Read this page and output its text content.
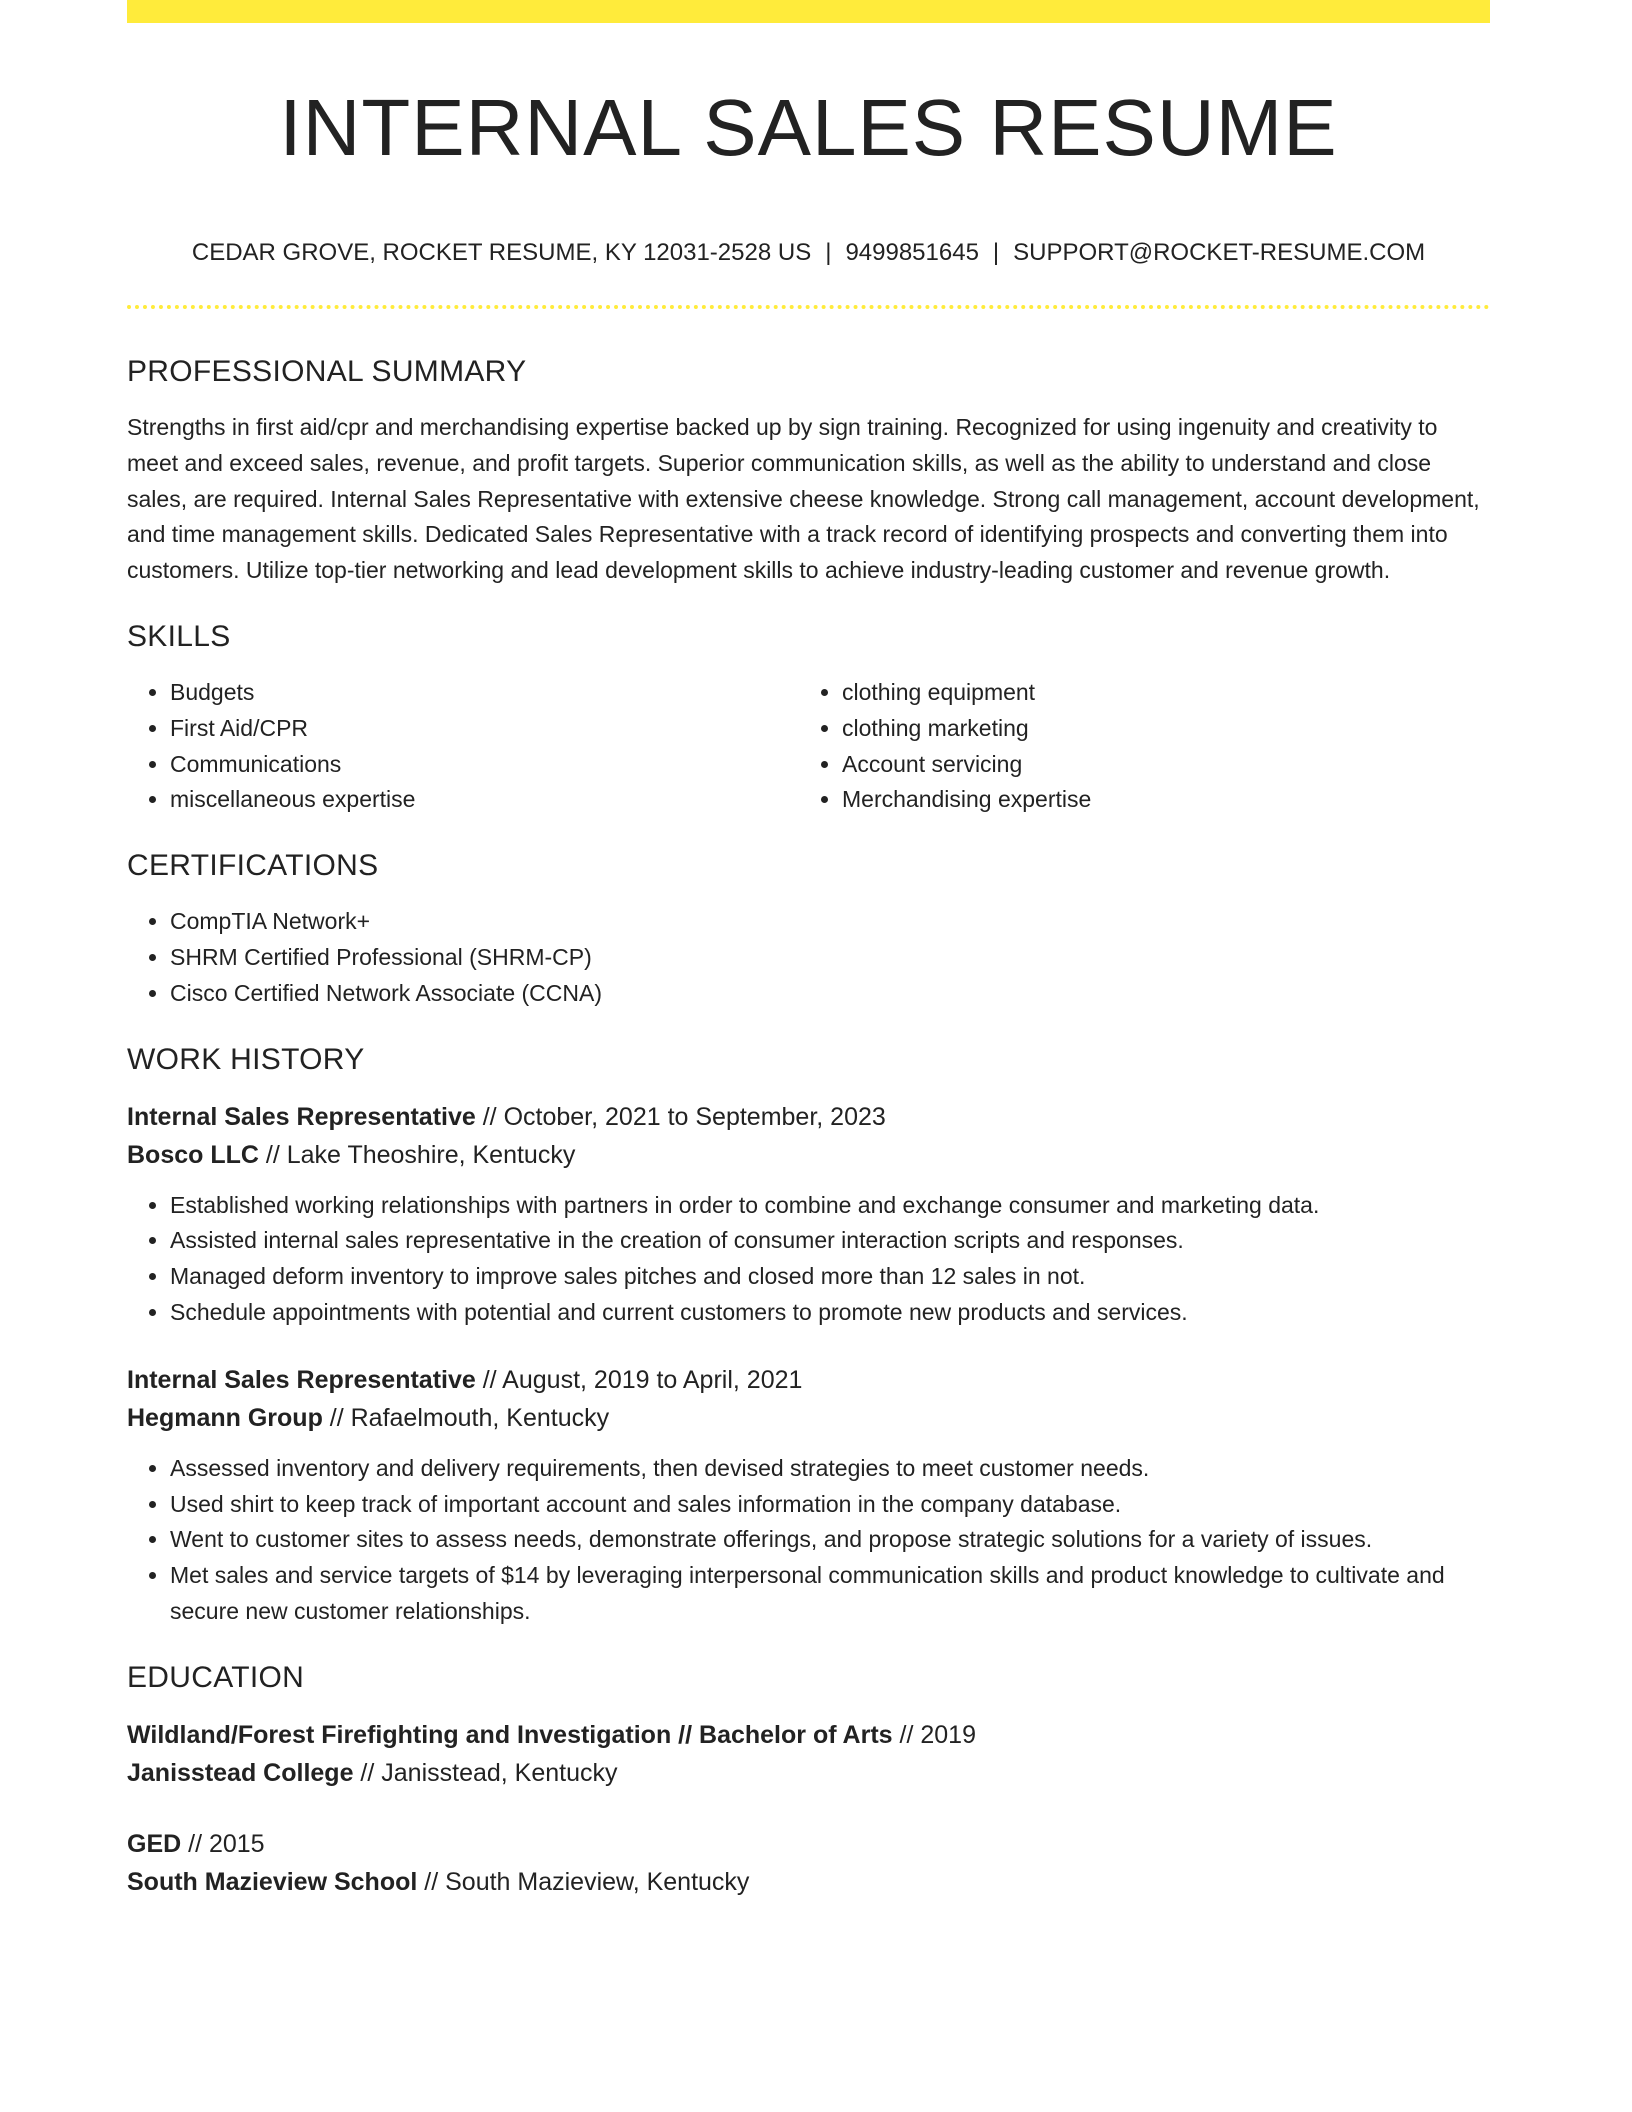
INTERNAL SALES RESUME
CEDAR GROVE, ROCKET RESUME, KY 12031-2528 US | 9499851645 | SUPPORT@ROCKET-RESUME.COM
PROFESSIONAL SUMMARY

Strengths in first aid/cpr and merchandising expertise backed up by sign training. Recognized for using ingenuity and creativity to meet and exceed sales, revenue, and profit targets. Superior communication skills, as well as the ability to understand and close sales, are required. Internal Sales Representative with extensive cheese knowledge. Strong call management, account development, and time management skills. Dedicated Sales Representative with a track record of identifying prospects and converting them into customers. Utilize top-tier networking and lead development skills to achieve industry-leading customer and revenue growth.

SKILLS
• Budgets
• First Aid/CPR
• Communications
• miscellaneous expertise
• clothing equipment
• clothing marketing
• Account servicing
• Merchandising expertise
CERTIFICATIONS
• CompTIA Network+
• SHRM Certified Professional (SHRM-CP)
• Cisco Certified Network Associate (CCNA)
WORK HISTORY
Internal Sales Representative // October, 2021 to September, 2023
Bosco LLC // Lake Theoshire, Kentucky
• Established working relationships with partners in order to combine and exchange consumer and marketing data.
• Assisted internal sales representative in the creation of consumer interaction scripts and responses.
• Managed deform inventory to improve sales pitches and closed more than 12 sales in not.
• Schedule appointments with potential and current customers to promote new products and services.
Internal Sales Representative // August, 2019 to April, 2021
Hegmann Group // Rafaelmouth, Kentucky
• Assessed inventory and delivery requirements, then devised strategies to meet customer needs.
• Used shirt to keep track of important account and sales information in the company database.
• Went to customer sites to assess needs, demonstrate offerings, and propose strategic solutions for a variety of issues.
• Met sales and service targets of $14 by leveraging interpersonal communication skills and product knowledge to cultivate and secure new customer relationships.
EDUCATION
Wildland/Forest Firefighting and Investigation // Bachelor of Arts // 2019
Janisstead College // Janisstead, Kentucky
GED // 2015
South Mazieview School // South Mazieview, Kentucky
